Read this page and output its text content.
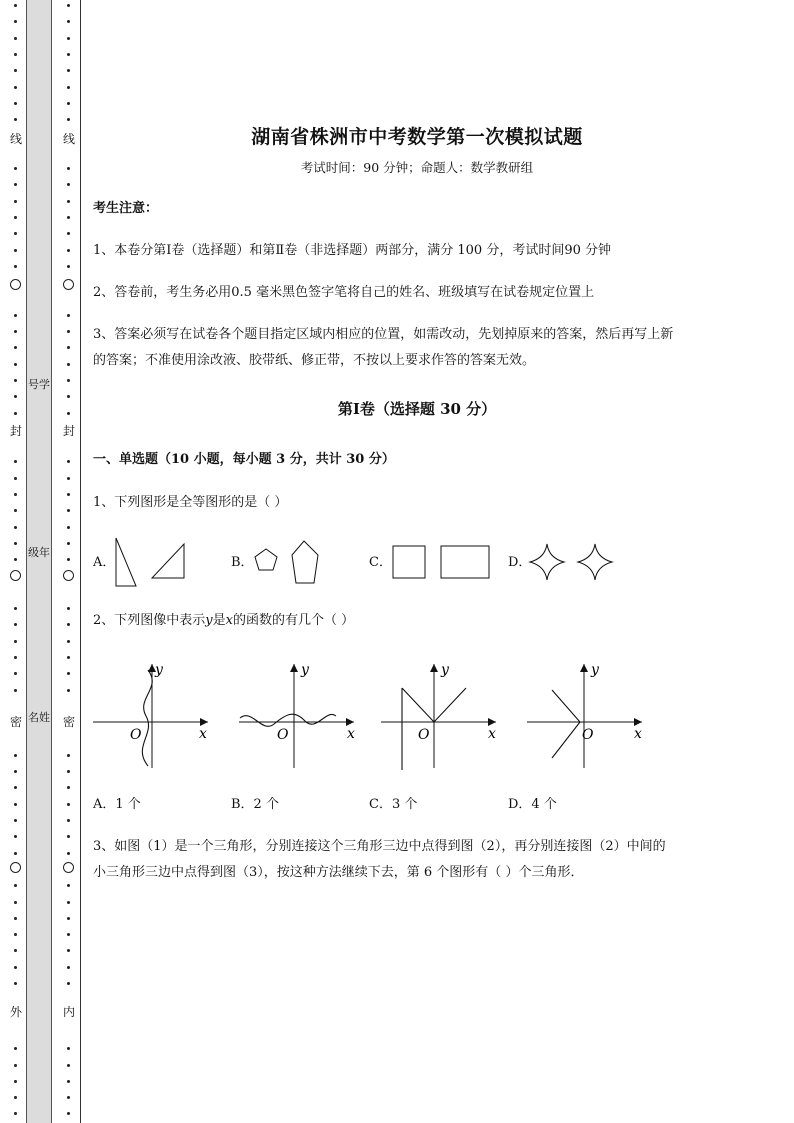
线
封
密
外
线
封
密
内
号学
级年
名姓
湖南省株洲市中考数学第一次模拟试题
考试时间：90 分钟；命题人：数学教研组
考生注意：
1、本卷分第Ⅰ卷（选择题）和第Ⅱ卷（非选择题）两部分，满分 100 分，考试时间90 分钟
2、答卷前，考生务必用0.5 毫米黑色签字笔将自己的姓名、班级填写在试卷规定位置上
3、答案必须写在试卷各个题目指定区域内相应的位置，如需改动，先划掉原来的答案，然后再写上新
的答案；不准使用涂改液、胶带纸、修正带，不按以上要求作答的答案无效。
第Ⅰ卷（选择题 30 分）
一、单选题（10 小题，每小题 3 分，共计 30 分）
1、下列图形是全等图形的是（ ）
A．	B．	C．	D．
2、下列图像中表示y是x的函数的有几个（ ）
y
x
O
y
x
O
y
x
O
y
x
O
A．1 个	B．2 个	C．3 个	D．4 个
3、如图（1）是一个三角形，分别连接这个三角形三边中点得到图（2），再分别连接图（2）中间的
小三角形三边中点得到图（3），按这种方法继续下去，第 6 个图形有（ ）个三角形．
